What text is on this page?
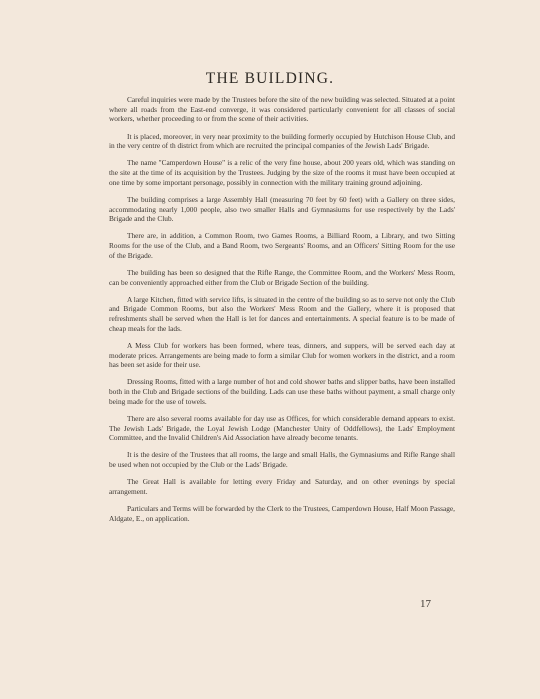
THE BUILDING.

Careful inquiries were made by the Trustees before the site of the new building was selected. Situated at a point where all roads from the East-end converge, it was considered particularly convenient for all classes of social workers, whether proceeding to or from the scene of their activities.

It is placed, moreover, in very near proximity to the building formerly occupied by Hutchison House Club, and in the very centre of th district from which are recruited the principal companies of the Jewish Lads' Brigade.

The name "Camperdown House" is a relic of the very fine house, about 200 years old, which was standing on the site at the time of its acquisition by the Trustees. Judging by the size of the rooms it must have been occupied at one time by some important personage, possibly in connection with the military training ground adjoining.

The building comprises a large Assembly Hall (measuring 70 feet by 60 feet) with a Gallery on three sides, accommodating nearly 1,000 people, also two smaller Halls and Gymnasiums for use respectively by the Lads' Brigade and the Club.

There are, in addition, a Common Room, two Games Rooms, a Billiard Room, a Library, and two Sitting Rooms for the use of the Club, and a Band Room, two Sergeants' Rooms, and an Officers' Sitting Room for the use of the Brigade.

The building has been so designed that the Rifle Range, the Committee Room, and the Workers' Mess Room, can be conveniently approached either from the Club or Brigade Section of the building.

A large Kitchen, fitted with service lifts, is situated in the centre of the building so as to serve not only the Club and Brigade Common Rooms, but also the Workers' Mess Room and the Gallery, where it is proposed that refreshments shall be served when the Hall is let for dances and entertainments. A special feature is to be made of cheap meals for the lads.

A Mess Club for workers has been formed, where teas, dinners, and suppers, will be served each day at moderate prices. Arrangements are being made to form a similar Club for women workers in the district, and a room has been set aside for their use.

Dressing Rooms, fitted with a large number of hot and cold shower baths and slipper baths, have been installed both in the Club and Brigade sections of the building. Lads can use these baths without payment, a small charge only being made for the use of towels.

There are also several rooms available for day use as Offices, for which considerable demand appears to exist. The Jewish Lads' Brigade, the Loyal Jewish Lodge (Manchester Unity of Oddfellows), the Lads' Employment Committee, and the Invalid Children's Aid Association have already become tenants.

It is the desire of the Trustees that all rooms, the large and small Halls, the Gymnasiums and Rifle Range shall be used when not occupied by the Club or the Lads' Brigade.

The Great Hall is available for letting every Friday and Saturday, and on other evenings by special arrangement.

Particulars and Terms will be forwarded by the Clerk to the Trustees, Camperdown House, Half Moon Passage, Aldgate, E., on application.

17
